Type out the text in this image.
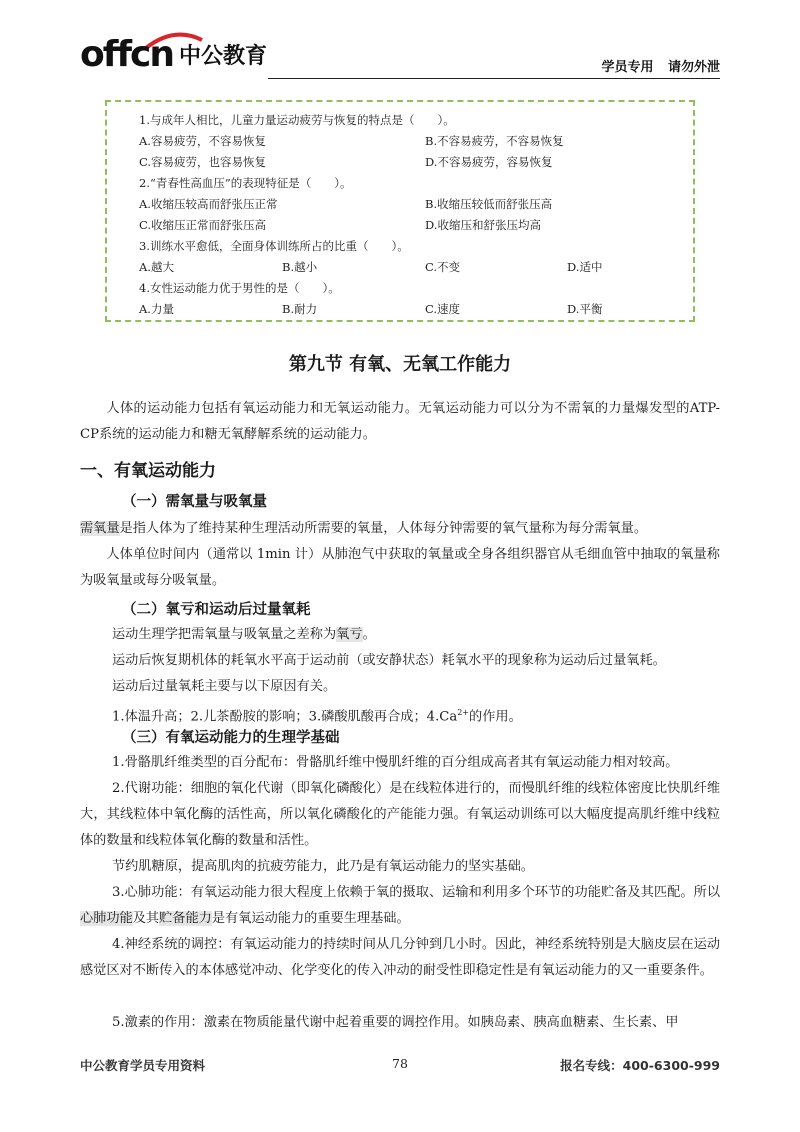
offcn 中公教育	学员专用 请勿外泄
1.与成年人相比，儿童力量运动疲劳与恢复的特点是（　　）。
A.容易疲劳，不容易恢复	B.不容易疲劳，不容易恢复
C.容易疲劳，也容易恢复	D.不容易疲劳，容易恢复
2.“青春性高血压”的表现特征是（　　）。
A.收缩压较高而舒张压正常	B.收缩压较低而舒张压高
C.收缩压正常而舒张压高	D.收缩压和舒张压均高
3.训练水平愈低，全面身体训练所占的比重（　　）。
A.越大	B.越小	C.不变	D.适中
4.女性运动能力优于男性的是（　　）。
A.力量	B.耐力	C.速度	D.平衡
第九节 有氧、无氧工作能力
人体的运动能力包括有氧运动能力和无氧运动能力。无氧运动能力可以分为不需氧的力量爆发型的ATP-CP系统的运动能力和糖无氧酵解系统的运动能力。
一、有氧运动能力
（一）需氧量与吸氧量
需氧量是指人体为了维持某种生理活动所需要的氧量，人体每分钟需要的氧气量称为每分需氧量。
人体单位时间内（通常以 1min 计）从肺泡气中获取的氧量或全身各组织器官从毛细血管中抽取的氧量称为吸氧量或每分吸氧量。
（二）氧亏和运动后过量氧耗
运动生理学把需氧量与吸氧量之差称为氧亏。
运动后恢复期机体的耗氧水平高于运动前（或安静状态）耗氧水平的现象称为运动后过量氧耗。
运动后过量氧耗主要与以下原因有关。
1.体温升高；2.儿茶酚胺的影响；3.磷酸肌酸再合成；$4.Ca^{2+}$的作用。
（三）有氧运动能力的生理学基础
1.骨骼肌纤维类型的百分配布：骨骼肌纤维中慢肌纤维的百分组成高者其有氧运动能力相对较高。
2.代谢功能：细胞的氧化代谢（即氧化磷酸化）是在线粒体进行的，而慢肌纤维的线粒体密度比快肌纤维大，其线粒体中氧化酶的活性高，所以氧化磷酸化的产能能力强。有氧运动训练可以大幅度提高肌纤维中线粒体的数量和线粒体氧化酶的数量和活性。
节约肌糖原，提高肌肉的抗疲劳能力，此乃是有氧运动能力的坚实基础。
3.心肺功能：有氧运动能力很大程度上依赖于氧的摄取、运输和利用多个环节的功能贮备及其匹配。所以心肺功能及其贮备能力是有氧运动能力的重要生理基础。
4.神经系统的调控：有氧运动能力的持续时间从几分钟到几小时。因此，神经系统特别是大脑皮层在运动感觉区对不断传入的本体感觉冲动、化学变化的传入冲动的耐受性即稳定性是有氧运动能力的又一重要条件。
5.激素的作用：激素在物质能量代谢中起着重要的调控作用。如胰岛素、胰高血糖素、生长素、甲
中公教育学员专用资料	78	报名专线：400-6300-999
